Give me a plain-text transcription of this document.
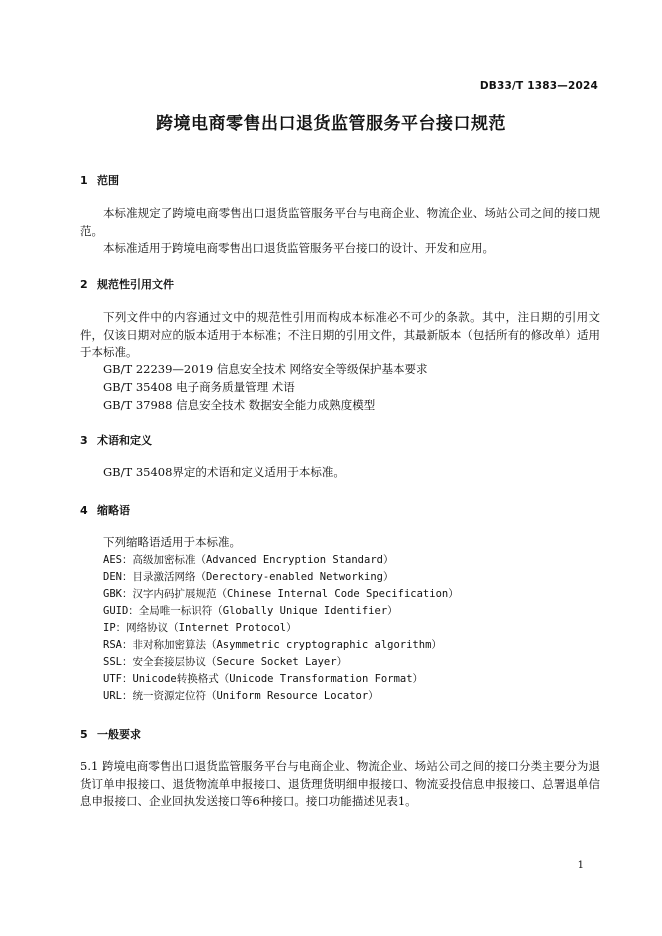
DB33/T 1383—2024
跨境电商零售出口退货监管服务平台接口规范
1 范围

本标准规定了跨境电商零售出口退货监管服务平台与电商企业、物流企业、场站公司之间的接口规范。

本标准适用于跨境电商零售出口退货监管服务平台接口的设计、开发和应用。

2 规范性引用文件

下列文件中的内容通过文中的规范性引用而构成本标准必不可少的条款。其中，注日期的引用文件，仅该日期对应的版本适用于本标准；不注日期的引用文件，其最新版本（包括所有的修改单）适用于本标准。

GB/T 22239—2019 信息安全技术 网络安全等级保护基本要求
GB/T 35408 电子商务质量管理 术语
GB/T 37988 信息安全技术 数据安全能力成熟度模型
3 术语和定义

GB/T 35408界定的术语和定义适用于本标准。

4 缩略语
下列缩略语适用于本标准。
AES：高级加密标准（Advanced Encryption Standard）
DEN：目录激活网络（Derectory-enabled Networking）
GBK：汉字内码扩展规范（Chinese Internal Code Specification）
GUID：全局唯一标识符（Globally Unique Identifier）
IP：网络协议（Internet Protocol）
RSA：非对称加密算法（Asymmetric cryptographic algorithm）
SSL：安全套接层协议（Secure Socket Layer）
UTF：Unicode转换格式（Unicode Transformation Format）
URL：统一资源定位符（Uniform Resource Locator）
5 一般要求

5.1 跨境电商零售出口退货监管服务平台与电商企业、物流企业、场站公司之间的接口分类主要分为退货订单申报接口、退货物流单申报接口、退货理货明细申报接口、物流妥投信息申报接口、总署退单信息申报接口、企业回执发送接口等6种接口。接口功能描述见表1。

1
